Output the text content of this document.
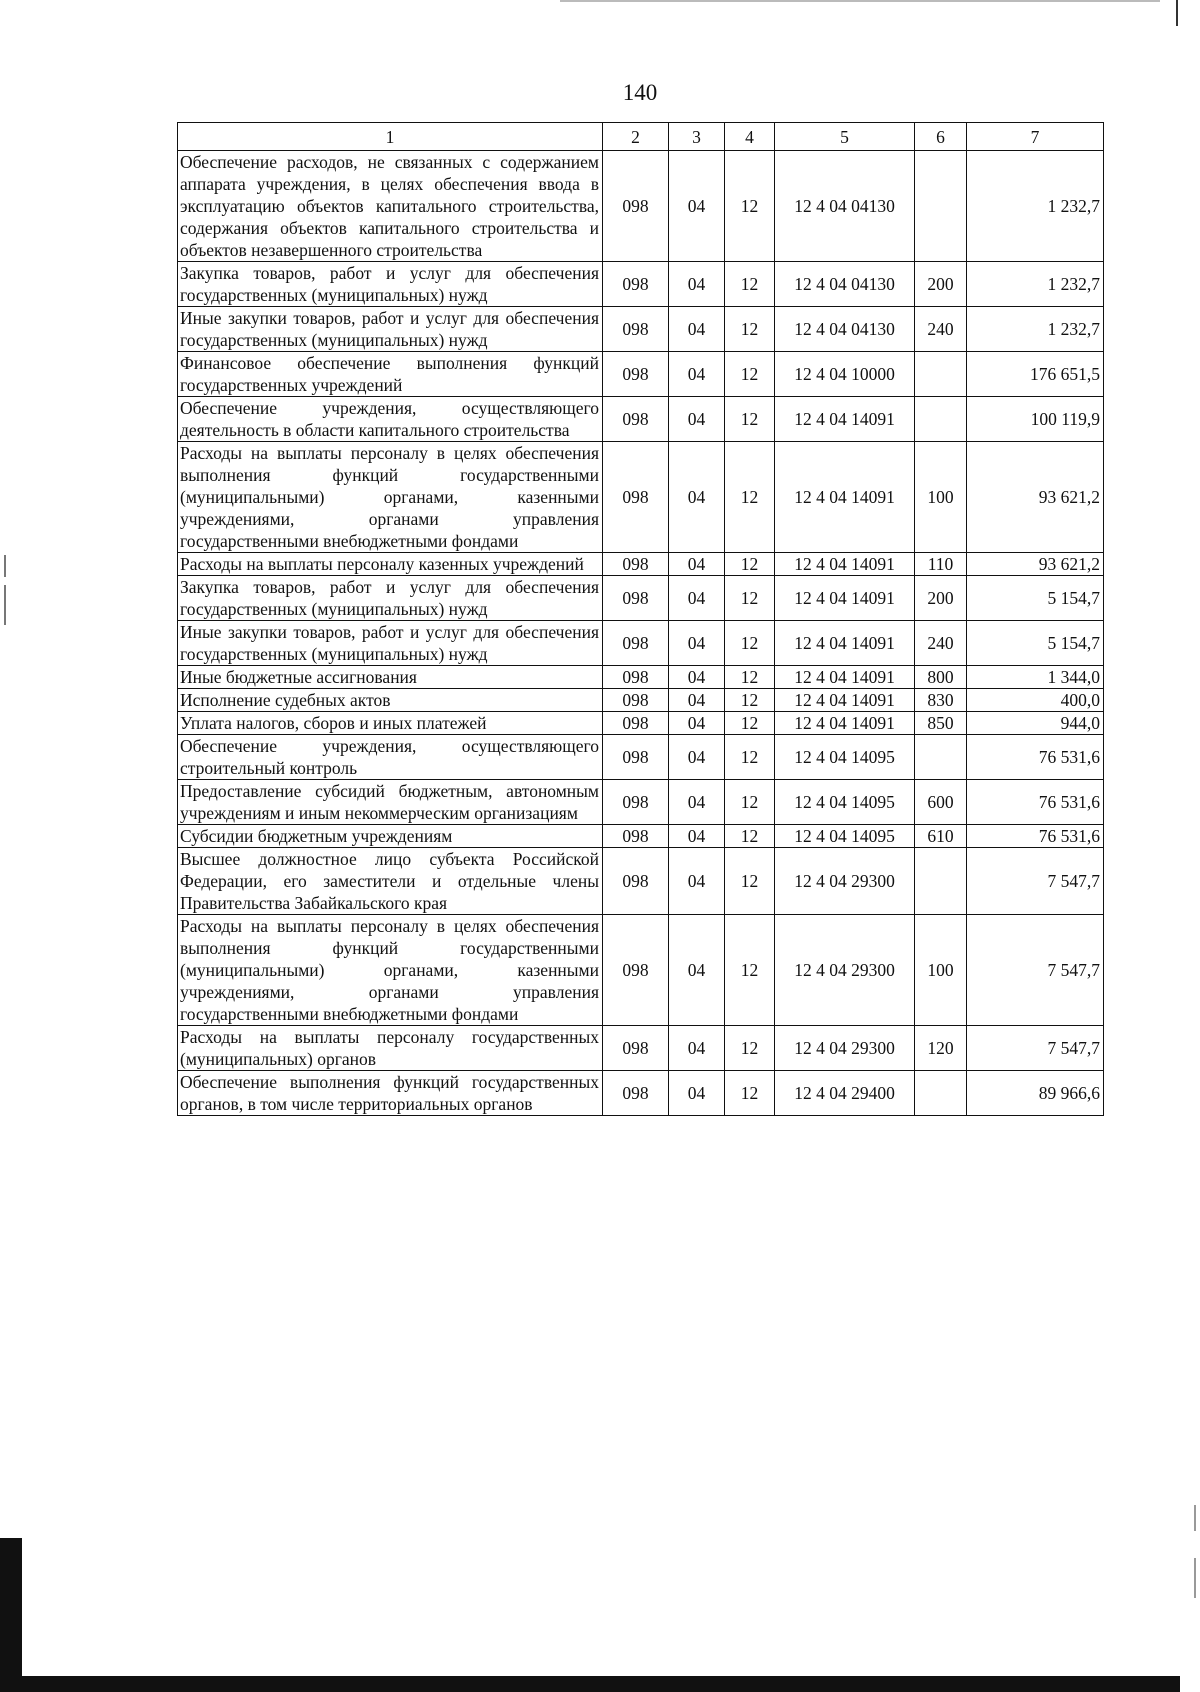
140
1	2	3	4	5	6	7
Обеспечение расходов, не связанных с содержанием аппарата учреждения, в целях обеспечения ввода в эксплуатацию объектов капитального строительства, содержания объектов капитального строительства и объектов незавершенного строительства	098	04	12	12 4 04 04130		1 232,7
Закупка товаров, работ и услуг для обеспечения государственных (муниципальных) нужд	098	04	12	12 4 04 04130	200	1 232,7
Иные закупки товаров, работ и услуг для обеспечения государственных (муниципальных) нужд	098	04	12	12 4 04 04130	240	1 232,7
Финансовое обеспечение выполнения функций государственных учреждений	098	04	12	12 4 04 10000		176 651,5
Обеспечение учреждения, осуществляющего деятельность в области капитального строительства	098	04	12	12 4 04 14091		100 119,9
Расходы на выплаты персоналу в целях обеспечения выполнения функций государственными (муниципальными) органами, казенными учреждениями, органами управления государственными внебюджетными фондами	098	04	12	12 4 04 14091	100	93 621,2
Расходы на выплаты персоналу казенных учреждений	098	04	12	12 4 04 14091	110	93 621,2
Закупка товаров, работ и услуг для обеспечения государственных (муниципальных) нужд	098	04	12	12 4 04 14091	200	5 154,7
Иные закупки товаров, работ и услуг для обеспечения государственных (муниципальных) нужд	098	04	12	12 4 04 14091	240	5 154,7
Иные бюджетные ассигнования	098	04	12	12 4 04 14091	800	1 344,0
Исполнение судебных актов	098	04	12	12 4 04 14091	830	400,0
Уплата налогов, сборов и иных платежей	098	04	12	12 4 04 14091	850	944,0
Обеспечение учреждения, осуществляющего строительный контроль	098	04	12	12 4 04 14095		76 531,6
Предоставление субсидий бюджетным, автономным учреждениям и иным некоммерческим организациям	098	04	12	12 4 04 14095	600	76 531,6
Субсидии бюджетным учреждениям	098	04	12	12 4 04 14095	610	76 531,6
Высшее должностное лицо субъекта Российской Федерации, его заместители и отдельные члены Правительства Забайкальского края	098	04	12	12 4 04 29300		7 547,7
Расходы на выплаты персоналу в целях обеспечения выполнения функций государственными (муниципальными) органами, казенными учреждениями, органами управления государственными внебюджетными фондами	098	04	12	12 4 04 29300	100	7 547,7
Расходы на выплаты персоналу государственных (муниципальных) органов	098	04	12	12 4 04 29300	120	7 547,7
Обеспечение выполнения функций государственных органов, в том числе территориальных органов	098	04	12	12 4 04 29400		89 966,6
